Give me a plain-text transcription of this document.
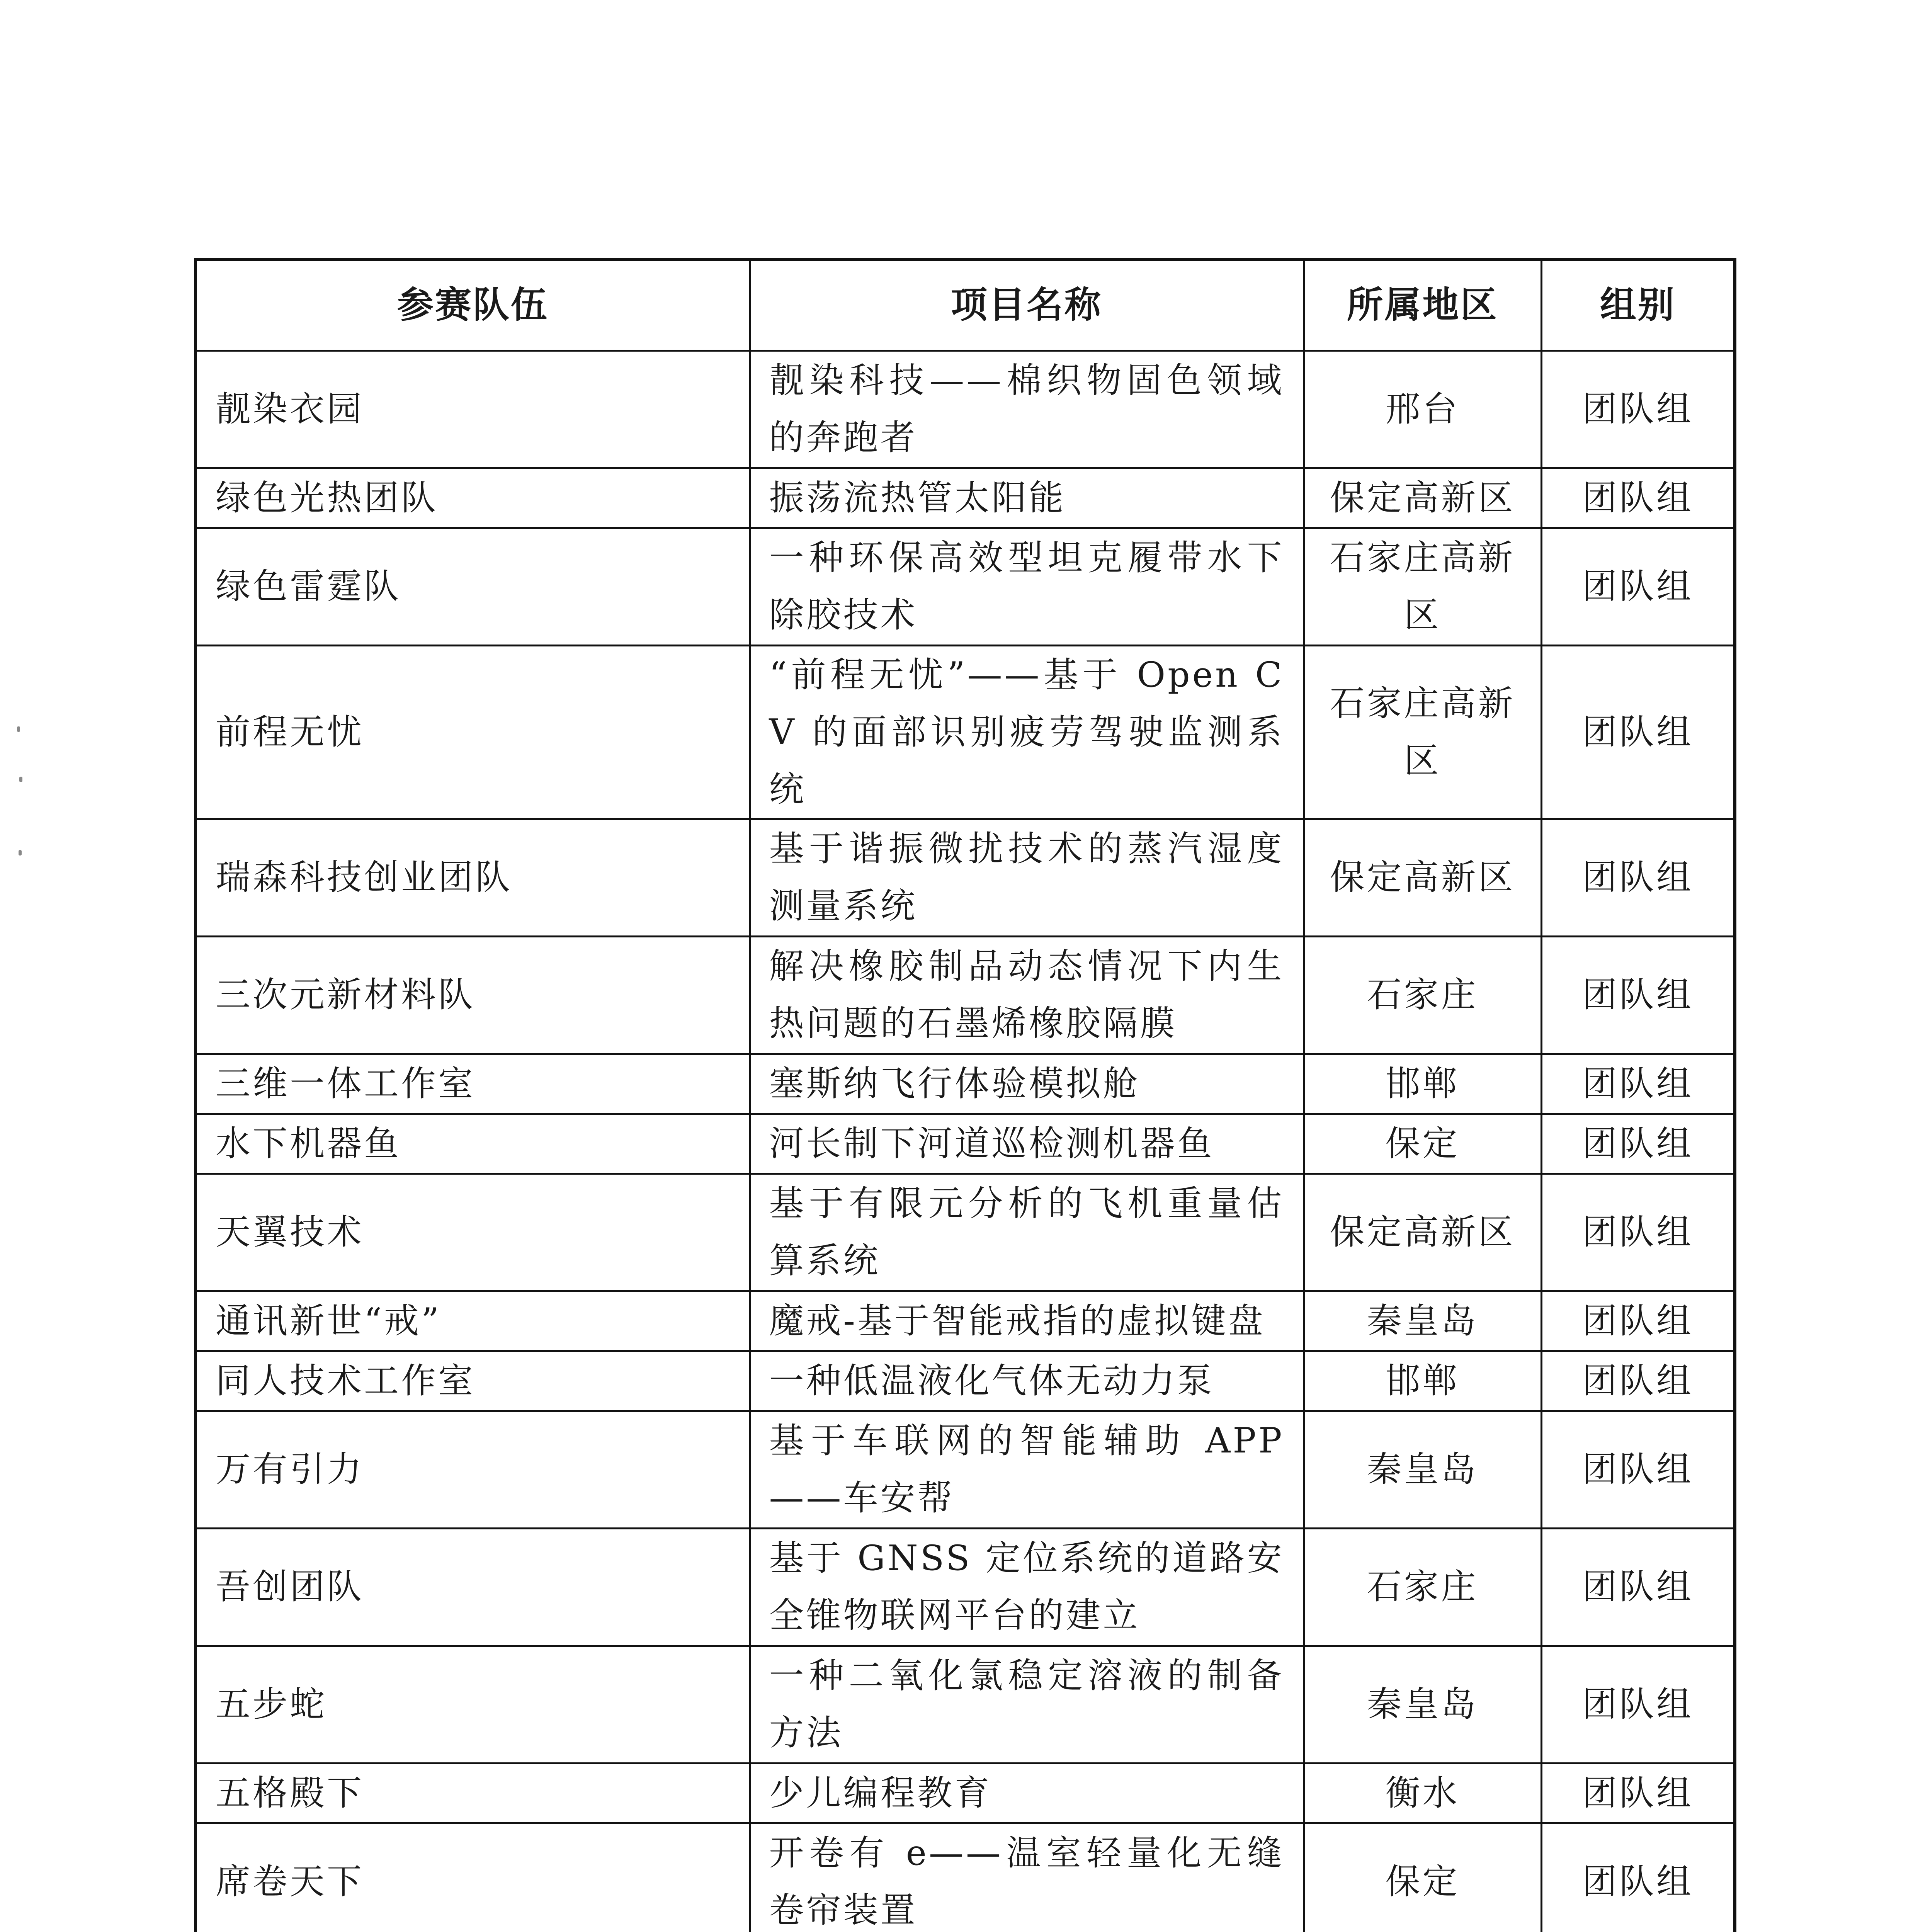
参赛队伍	项目名称	所属地区	组别
靓染衣园	靓染科技——棉织物固色领域的奔跑者	邢台	团队组
绿色光热团队	振荡流热管太阳能	保定高新区	团队组
绿色雷霆队	一种环保高效型坦克履带水下除胶技术	石家庄高新区	团队组
前程无忧	“前程无忧”——基于 Open CV 的面部识别疲劳驾驶监测系统	石家庄高新区	团队组
瑞森科技创业团队	基于谐振微扰技术的蒸汽湿度测量系统	保定高新区	团队组
三次元新材料队	解决橡胶制品动态情况下内生热问题的石墨烯橡胶隔膜	石家庄	团队组
三维一体工作室	塞斯纳飞行体验模拟舱	邯郸	团队组
水下机器鱼	河长制下河道巡检测机器鱼	保定	团队组
天翼技术	基于有限元分析的飞机重量估算系统	保定高新区	团队组
通讯新世“戒”	魔戒-基于智能戒指的虚拟键盘	秦皇岛	团队组
同人技术工作室	一种低温液化气体无动力泵	邯郸	团队组
万有引力	基于车联网的智能辅助 APP——车安帮	秦皇岛	团队组
吾创团队	基于 GNSS 定位系统的道路安全锥物联网平台的建立	石家庄	团队组
五步蛇	一种二氧化氯稳定溶液的制备方法	秦皇岛	团队组
五格殿下	少儿编程教育	衡水	团队组
席卷天下	开卷有 e——温室轻量化无缝卷帘装置	保定	团队组
